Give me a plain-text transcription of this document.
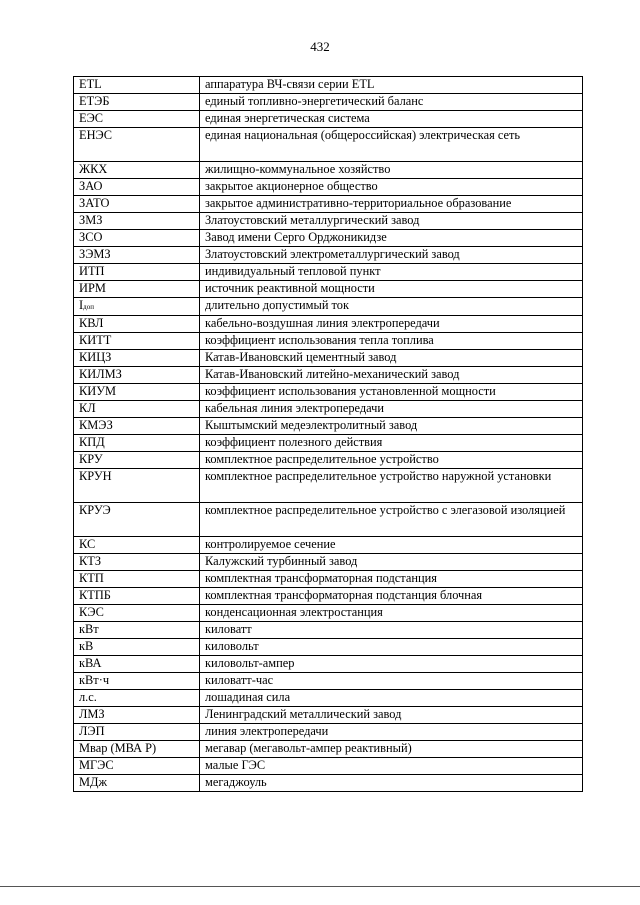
432
ETL	аппаратура ВЧ-связи серии ETL
ЕТЭБ	единый топливно-энергетический баланс
ЕЭС	единая энергетическая система
ЕНЭС	единая национальная (общероссийская) электрическая сеть
ЖКХ	жилищно-коммунальное хозяйство
ЗАО	закрытое акционерное общество
ЗАТО	закрытое административно-территориальное образование
ЗМЗ	Златоустовский металлургический завод
ЗСО	Завод имени Серго Орджоникидзе
ЗЭМЗ	Златоустовский электрометаллургический завод
ИТП	индивидуальный тепловой пункт
ИРМ	источник реактивной мощности
Iдоп	длительно допустимый ток
КВЛ	кабельно-воздушная линия электропередачи
КИТТ	коэффициент использования тепла топлива
КИЦЗ	Катав-Ивановский цементный завод
КИЛМЗ	Катав-Ивановский литейно-механический завод
КИУМ	коэффициент использования установленной мощности
КЛ	кабельная линия электропередачи
КМЭЗ	Кыштымский медеэлектролитный завод
КПД	коэффициент полезного действия
КРУ	комплектное распределительное устройство
КРУН	комплектное распределительное устройство наружной установки
КРУЭ	комплектное распределительное устройство с элегазовой изоляцией
КС	контролируемое сечение
КТЗ	Калужский турбинный завод
КТП	комплектная трансформаторная подстанция
КТПБ	комплектная трансформаторная подстанция блочная
КЭС	конденсационная электростанция
кВт	киловатт
кВ	киловольт
кВА	киловольт-ампер
кВт·ч	киловатт-час
л.с.	лошадиная сила
ЛМЗ	Ленинградский металлический завод
ЛЭП	линия электропередачи
Мвар (МВА Р)	мегавар (мегавольт-ампер реактивный)
МГЭС	малые ГЭС
МДж	мегаджоуль
